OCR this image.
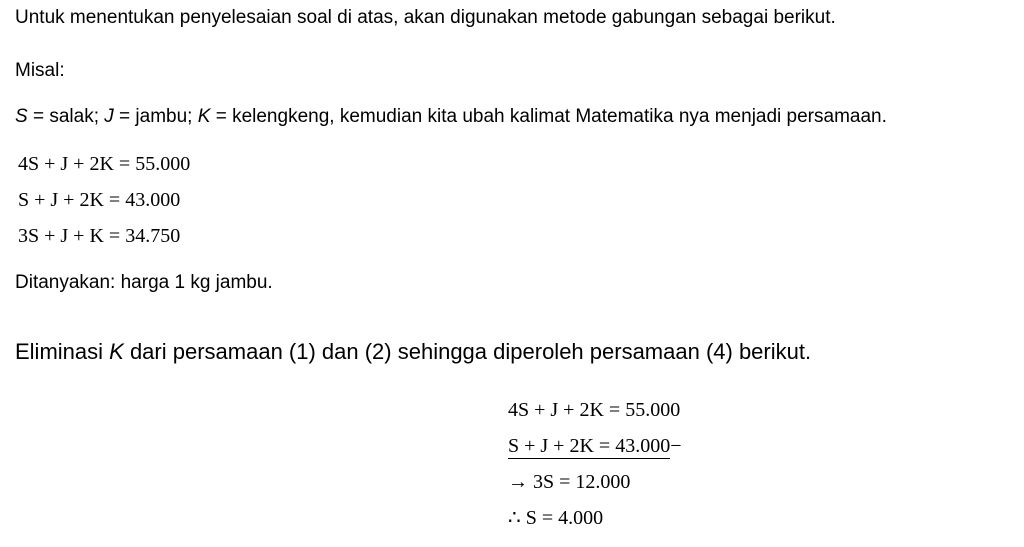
Untuk menentukan penyelesaian soal di atas, akan digunakan metode gabungan sebagai berikut.
Misal:
S = salak; J = jambu; K = kelengkeng, kemudian kita ubah kalimat Matematika nya menjadi persamaan.
4S + J + 2K = 55.000
S + J + 2K = 43.000
3S + J + K = 34.750
Ditanyakan: harga 1 kg jambu.
Eliminasi K dari persamaan (1) dan (2) sehingga diperoleh persamaan (4) berikut.
4S + J + 2K = 55.000
S + J + 2K = 43.000−
→ 3S = 12.000
∴ S = 4.000
